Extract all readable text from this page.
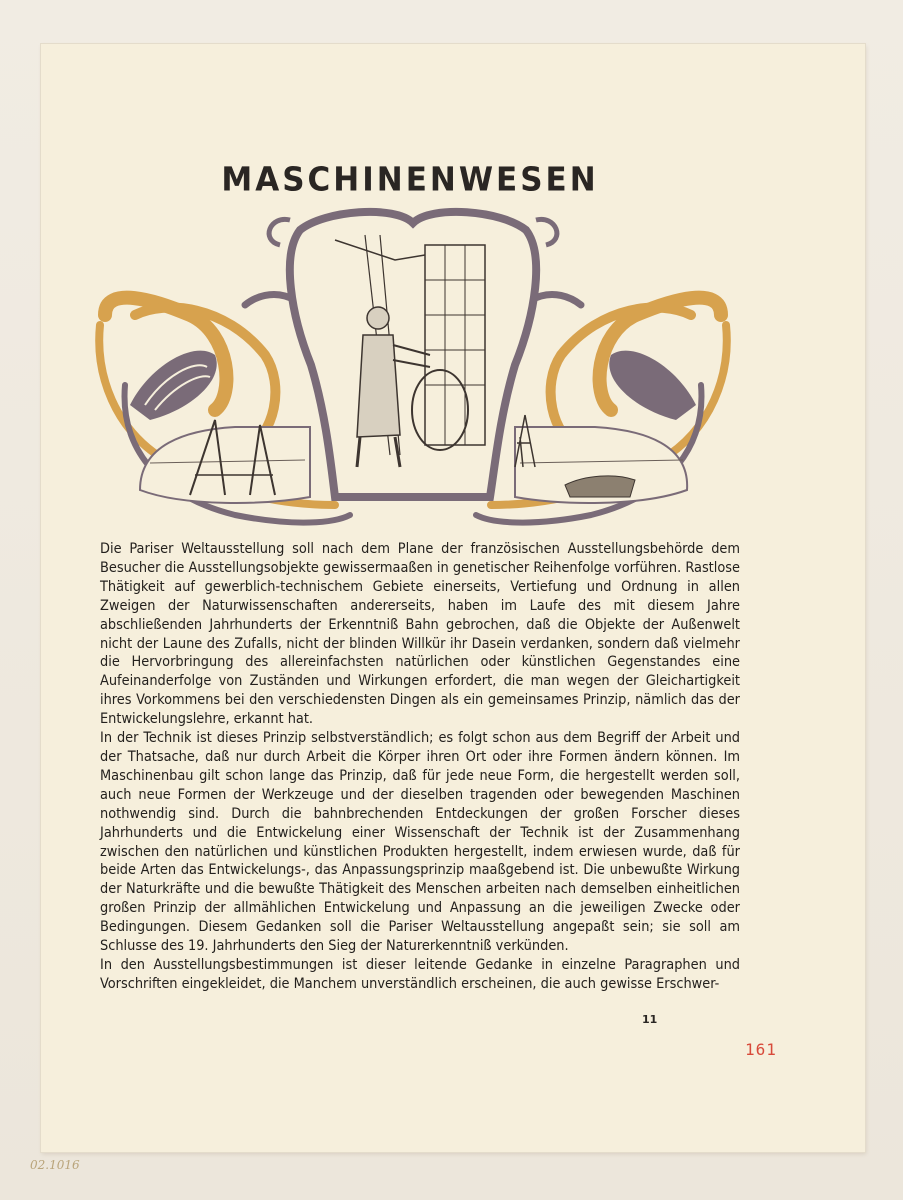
MASCHINENWESEN

Die Pariser Weltausstellung soll nach dem Plane der französischen Ausstellungsbehörde dem Besucher die Ausstellungsobjekte gewissermaaßen in genetischer Reihenfolge vorführen. Rastlose Thätigkeit auf gewerblich-technischem Gebiete einerseits, Vertiefung und Ordnung in allen Zweigen der Naturwissenschaften andererseits, haben im Laufe des mit diesem Jahre abschließenden Jahrhunderts der Erkenntniß Bahn gebrochen, daß die Objekte der Außenwelt nicht der Laune des Zufalls, nicht der blinden Willkür ihr Dasein verdanken, sondern daß vielmehr die Hervorbringung des allereinfachsten natürlichen oder künstlichen Gegenstandes eine Aufeinanderfolge von Zuständen und Wirkungen erfordert, die man wegen der Gleichartigkeit ihres Vorkommens bei den verschiedensten Dingen als ein gemeinsames Prinzip, nämlich das der Entwickelungslehre, erkannt hat.

In der Technik ist dieses Prinzip selbstverständlich; es folgt schon aus dem Begriff der Arbeit und der Thatsache, daß nur durch Arbeit die Körper ihren Ort oder ihre Formen ändern können. Im Maschinenbau gilt schon lange das Prinzip, daß für jede neue Form, die hergestellt werden soll, auch neue Formen der Werkzeuge und der dieselben tragenden oder bewegenden Maschinen nothwendig sind. Durch die bahnbrechenden Entdeckungen der großen Forscher dieses Jahrhunderts und die Entwickelung einer Wissenschaft der Technik ist der Zusammenhang zwischen den natürlichen und künstlichen Produkten hergestellt, indem erwiesen wurde, daß für beide Arten das Entwickelungs-, das Anpassungsprinzip maaßgebend ist. Die unbewußte Wirkung der Naturkräfte und die bewußte Thätigkeit des Menschen arbeiten nach demselben einheitlichen großen Prinzip der allmählichen Entwickelung und Anpassung an die jeweiligen Zwecke oder Bedingungen. Diesem Gedanken soll die Pariser Weltausstellung angepaßt sein; sie soll am Schlusse des 19. Jahrhunderts den Sieg der Naturerkenntniß verkünden.

In den Ausstellungsbestimmungen ist dieser leitende Gedanke in einzelne Paragraphen und Vorschriften eingekleidet, die Manchem unverständlich erscheinen, die auch gewisse Erschwer-

11
161
02.1016
